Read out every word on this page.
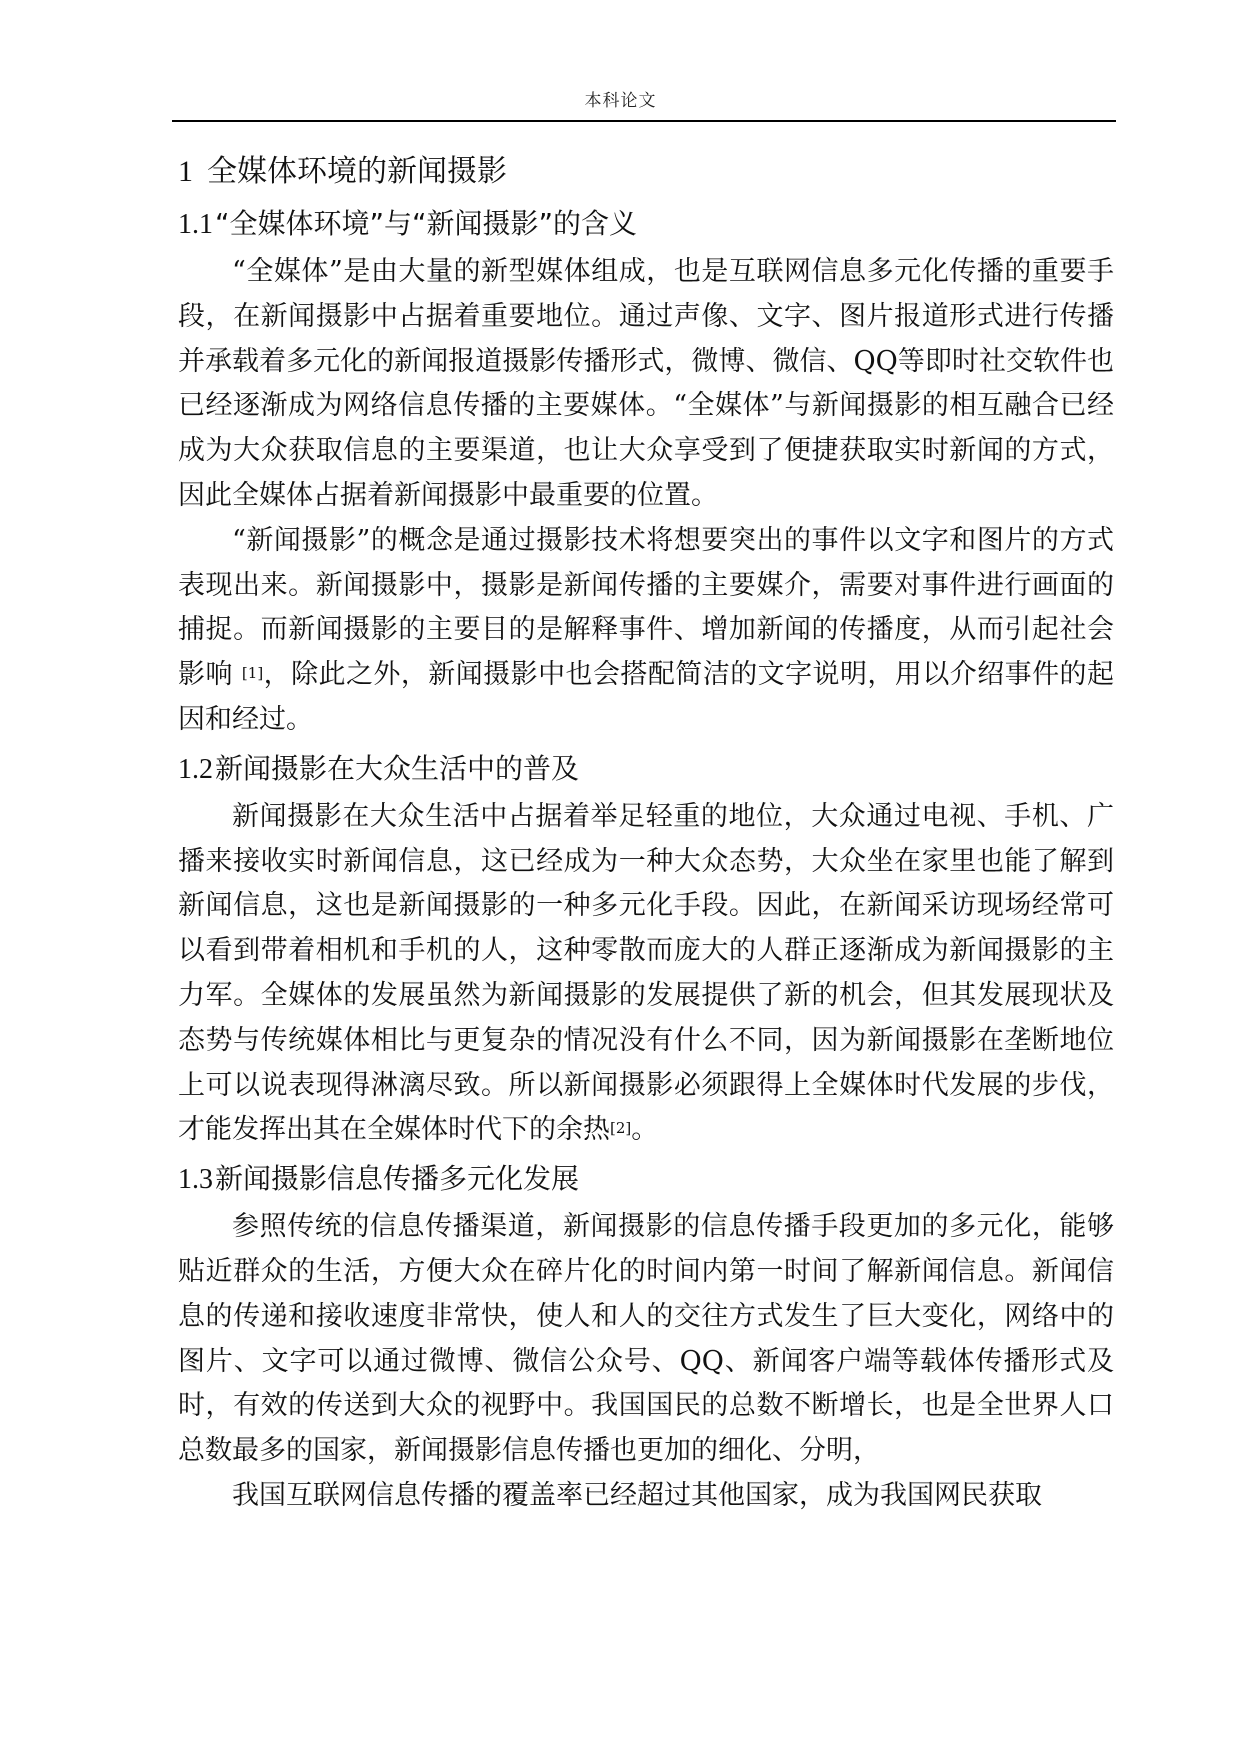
本科论文
1 全媒体环境的新闻摄影
1.1“全媒体环境”与“新闻摄影”的含义

“全媒体”是由大量的新型媒体组成，也是互联网信息多元化传播的重要手段，在新闻摄影中占据着重要地位。通过声像、文字、图片报道形式进行传播并承载着多元化的新闻报道摄影传播形式，微博、微信、QQ等即时社交软件也已经逐渐成为网络信息传播的主要媒体。“全媒体”与新闻摄影的相互融合已经成为大众获取信息的主要渠道，也让大众享受到了便捷获取实时新闻的方式，因此全媒体占据着新闻摄影中最重要的位置。

“新闻摄影”的概念是通过摄影技术将想要突出的事件以文字和图片的方式表现出来。新闻摄影中，摄影是新闻传播的主要媒介，需要对事件进行画面的捕捉。而新闻摄影的主要目的是解释事件、增加新闻的传播度，从而引起社会影响 [1]，除此之外，新闻摄影中也会搭配简洁的文字说明，用以介绍事件的起因和经过。

1.2新闻摄影在大众生活中的普及

新闻摄影在大众生活中占据着举足轻重的地位，大众通过电视、手机、广播来接收实时新闻信息，这已经成为一种大众态势，大众坐在家里也能了解到新闻信息，这也是新闻摄影的一种多元化手段。因此，在新闻采访现场经常可以看到带着相机和手机的人，这种零散而庞大的人群正逐渐成为新闻摄影的主力军。全媒体的发展虽然为新闻摄影的发展提供了新的机会，但其发展现状及态势与传统媒体相比与更复杂的情况没有什么不同，因为新闻摄影在垄断地位上可以说表现得淋漓尽致。所以新闻摄影必须跟得上全媒体时代发展的步伐，才能发挥出其在全媒体时代下的余热[2]。

1.3新闻摄影信息传播多元化发展

参照传统的信息传播渠道，新闻摄影的信息传播手段更加的多元化，能够贴近群众的生活，方便大众在碎片化的时间内第一时间了解新闻信息。新闻信息的传递和接收速度非常快，使人和人的交往方式发生了巨大变化，网络中的图片、文字可以通过微博、微信公众号、QQ、新闻客户端等载体传播形式及时，有效的传送到大众的视野中。我国国民的总数不断增长，也是全世界人口总数最多的国家，新闻摄影信息传播也更加的细化、分明，

我国互联网信息传播的覆盖率已经超过其他国家，成为我国网民获取
